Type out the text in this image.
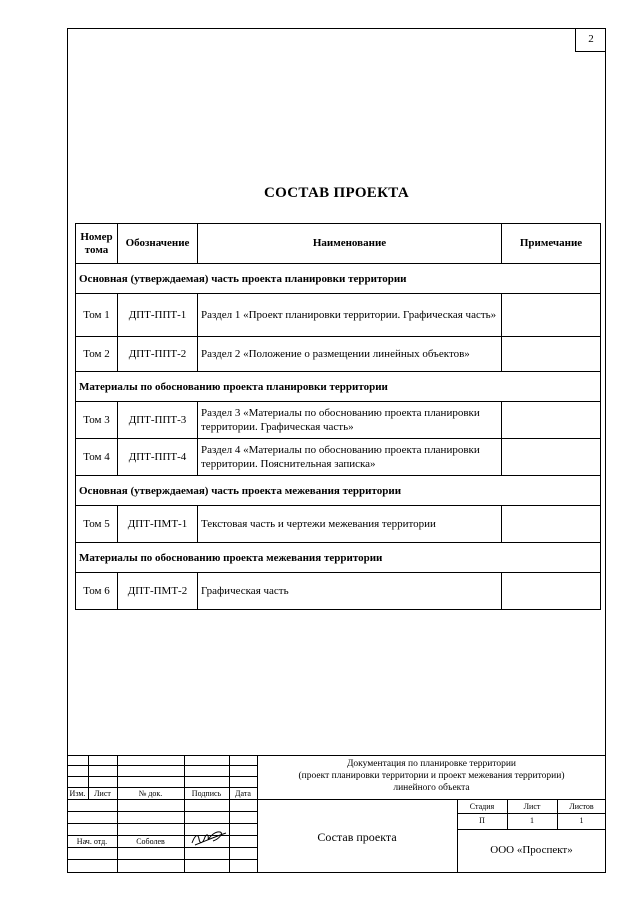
2
СОСТАВ ПРОЕКТА
Номер тома	Обозначение	Наименование	Примечание
Основная (утверждаемая) часть проекта планировки территории			
Том 1	ДПТ-ППТ-1	Раздел 1 «Проект планировки территории. Графическая часть»	
Том 2	ДПТ-ППТ-2	Раздел 2 «Положение о размещении линейных объектов»	
Материалы по обоснованию проекта планировки территории			
Том 3	ДПТ-ППТ-3	Раздел 3 «Материалы по обоснованию проекта планировки территории. Графическая часть»	
Том 4	ДПТ-ППТ-4	Раздел 4 «Материалы по обоснованию проекта планировки территории. Пояснительная записка»	
Основная (утверждаемая) часть проекта межевания территории			
Том 5	ДПТ-ПМТ-1	Текстовая часть и чертежи межевания территории	
Материалы по обоснованию проекта межевания территории			
Том 6	ДПТ-ПМТ-2	Графическая часть	
Документация по планировке территории
(проект планировки территории и проект межевания территории)
линейного объекта
Изм.	Лист	№ док.	Подпись	Дата
Нач. отд.	Соболев
Стадия	Лист	Листов
П	1	1
Состав проекта
ООО «Проспект»
